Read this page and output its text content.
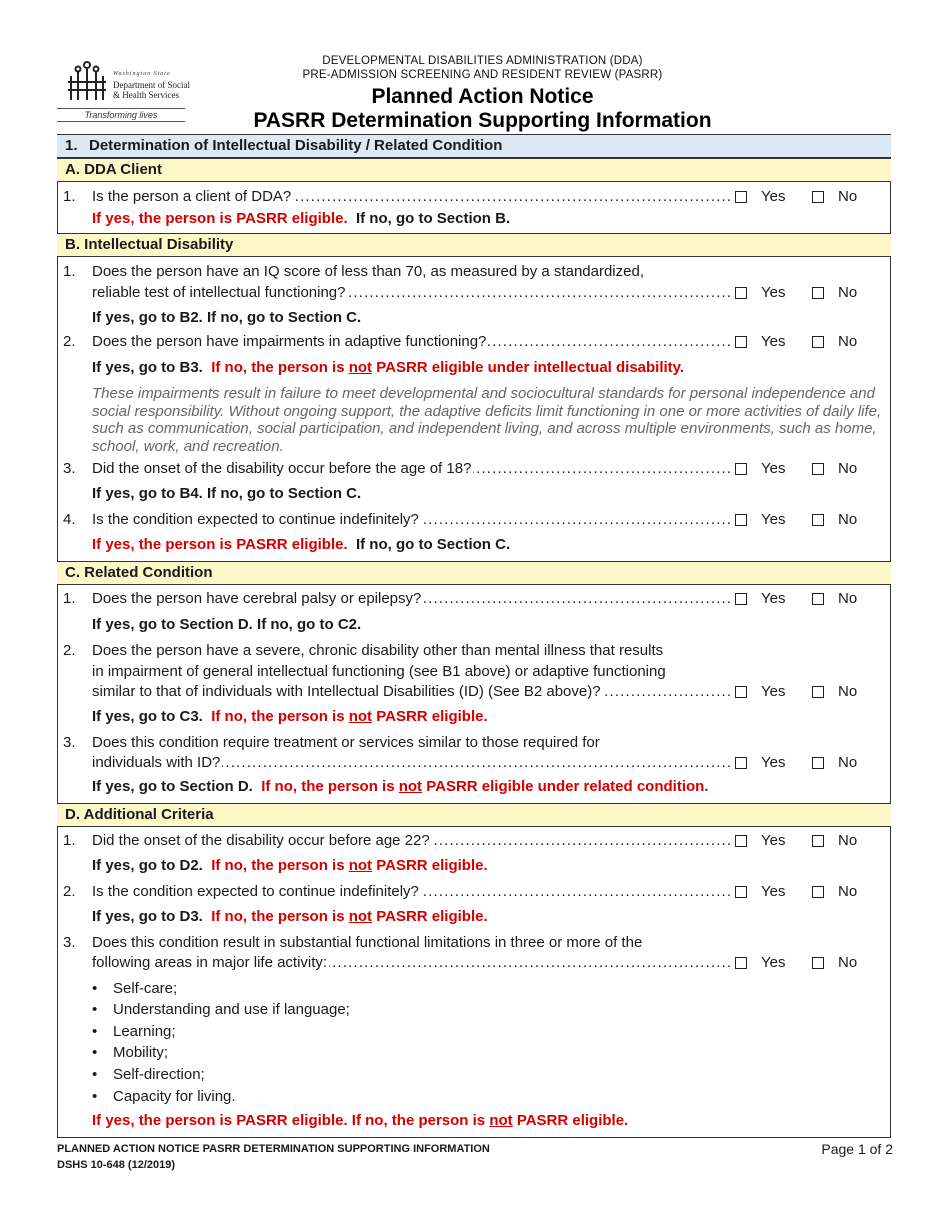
Washington State
Department of Social & Health Services
Transforming lives
DEVELOPMENTAL DISABILITIES ADMINISTRATION (DDA)
PRE-ADMISSION SCREENING AND RESIDENT REVIEW (PASRR)
Planned Action Notice
PASRR Determination Supporting Information
1. Determination of Intellectual Disability / Related Condition
A. DDA Client
1. Is the person a client of DDA? . . .	Yes	No
If yes, the person is PASRR eligible. If no, go to Section B.
B. Intellectual Disability
1. Does the person have an IQ score of less than 70, as measured by a standardized,
reliable test of intellectual functioning? . . .	Yes	No
If yes, go to B2. If no, go to Section C.
2. Does the person have impairments in adaptive functioning? . . .	Yes	No
If yes, go to B3. If no, the person is not PASRR eligible under intellectual disability.
These impairments result in failure to meet developmental and sociocultural standards for personal independence and social responsibility. Without ongoing support, the adaptive deficits limit functioning in one or more activities of daily life, such as communication, social participation, and independent living, and across multiple environments, such as home, school, work, and recreation.
3. Did the onset of the disability occur before the age of 18? . . .	Yes	No
If yes, go to B4. If no, go to Section C.
4. Is the condition expected to continue indefinitely? . . .	Yes	No
If yes, the person is PASRR eligible. If no, go to Section C.
C. Related Condition
1. Does the person have cerebral palsy or epilepsy? . . .	Yes	No
If yes, go to Section D. If no, go to C2.
2. Does the person have a severe, chronic disability other than mental illness that results
in impairment of general intellectual functioning (see B1 above) or adaptive functioning
similar to that of individuals with Intellectual Disabilities (ID) (See B2 above)? . . .	Yes	No
If yes, go to C3. If no, the person is not PASRR eligible.
3. Does this condition require treatment or services similar to those required for
individuals with ID? . . .	Yes	No
If yes, go to Section D. If no, the person is not PASRR eligible under related condition.
D. Additional Criteria
1. Did the onset of the disability occur before age 22? . . .	Yes	No
If yes, go to D2. If no, the person is not PASRR eligible.
2. Is the condition expected to continue indefinitely? . . .	Yes	No
If yes, go to D3. If no, the person is not PASRR eligible.
3. Does this condition result in substantial functional limitations in three or more of the
following areas in major life activity: . . .	Yes	No
• Self-care;
• Understanding and use if language;
• Learning;
• Mobility;
• Self-direction;
• Capacity for living.
If yes, the person is PASRR eligible. If no, the person is not PASRR eligible.
PLANNED ACTION NOTICE PASRR DETERMINATION SUPPORTING INFORMATION
DSHS 10-648 (12/2019)
Page 1 of 2
